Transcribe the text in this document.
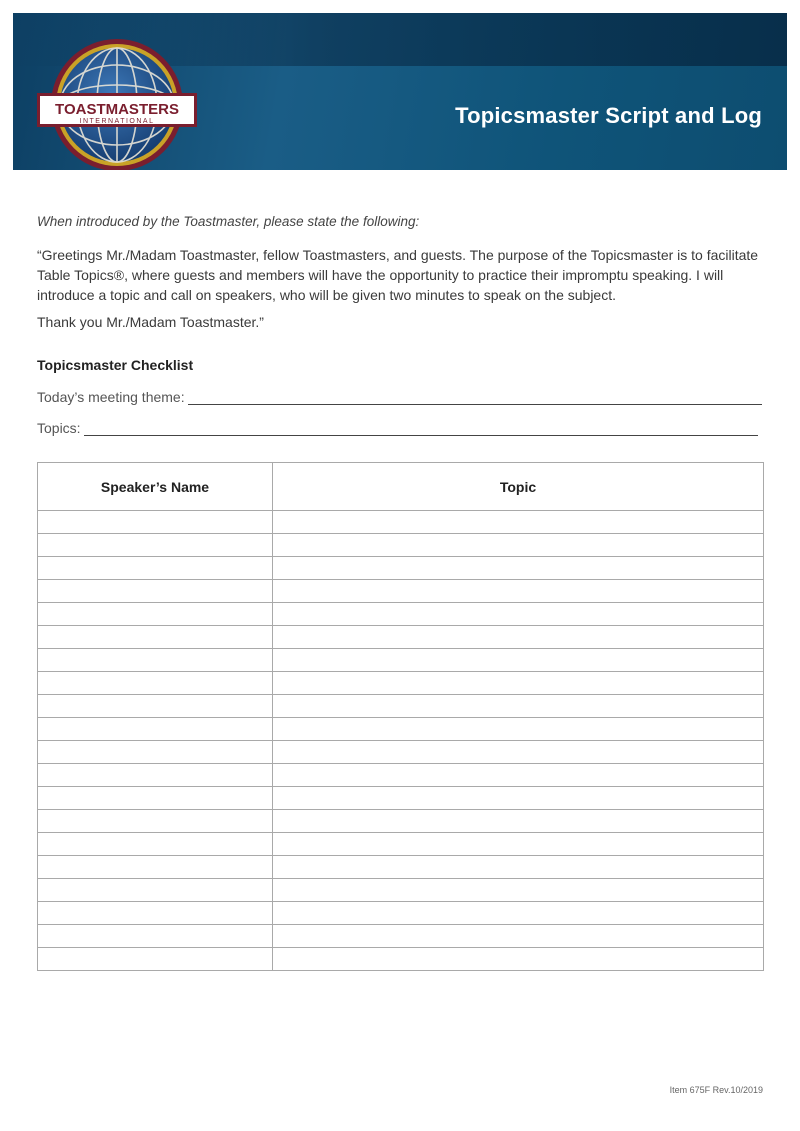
TOASTMASTERS
INTERNATIONAL	Topicsmaster Script and Log

When introduced by the Toastmaster, please state the following:

“Greetings Mr./Madam Toastmaster, fellow Toastmasters, and guests. The purpose of the Topicsmaster is to facilitate Table Topics®, where guests and members will have the opportunity to practice their impromptu speaking. I will introduce a topic and call on speakers, who will be given two minutes to speak on the subject.

Thank you Mr./Madam Toastmaster.”

Topicsmaster Checklist
Today’s meeting theme:
Topics:
Speaker’s Name	Topic

Item 675F Rev.10/2019
